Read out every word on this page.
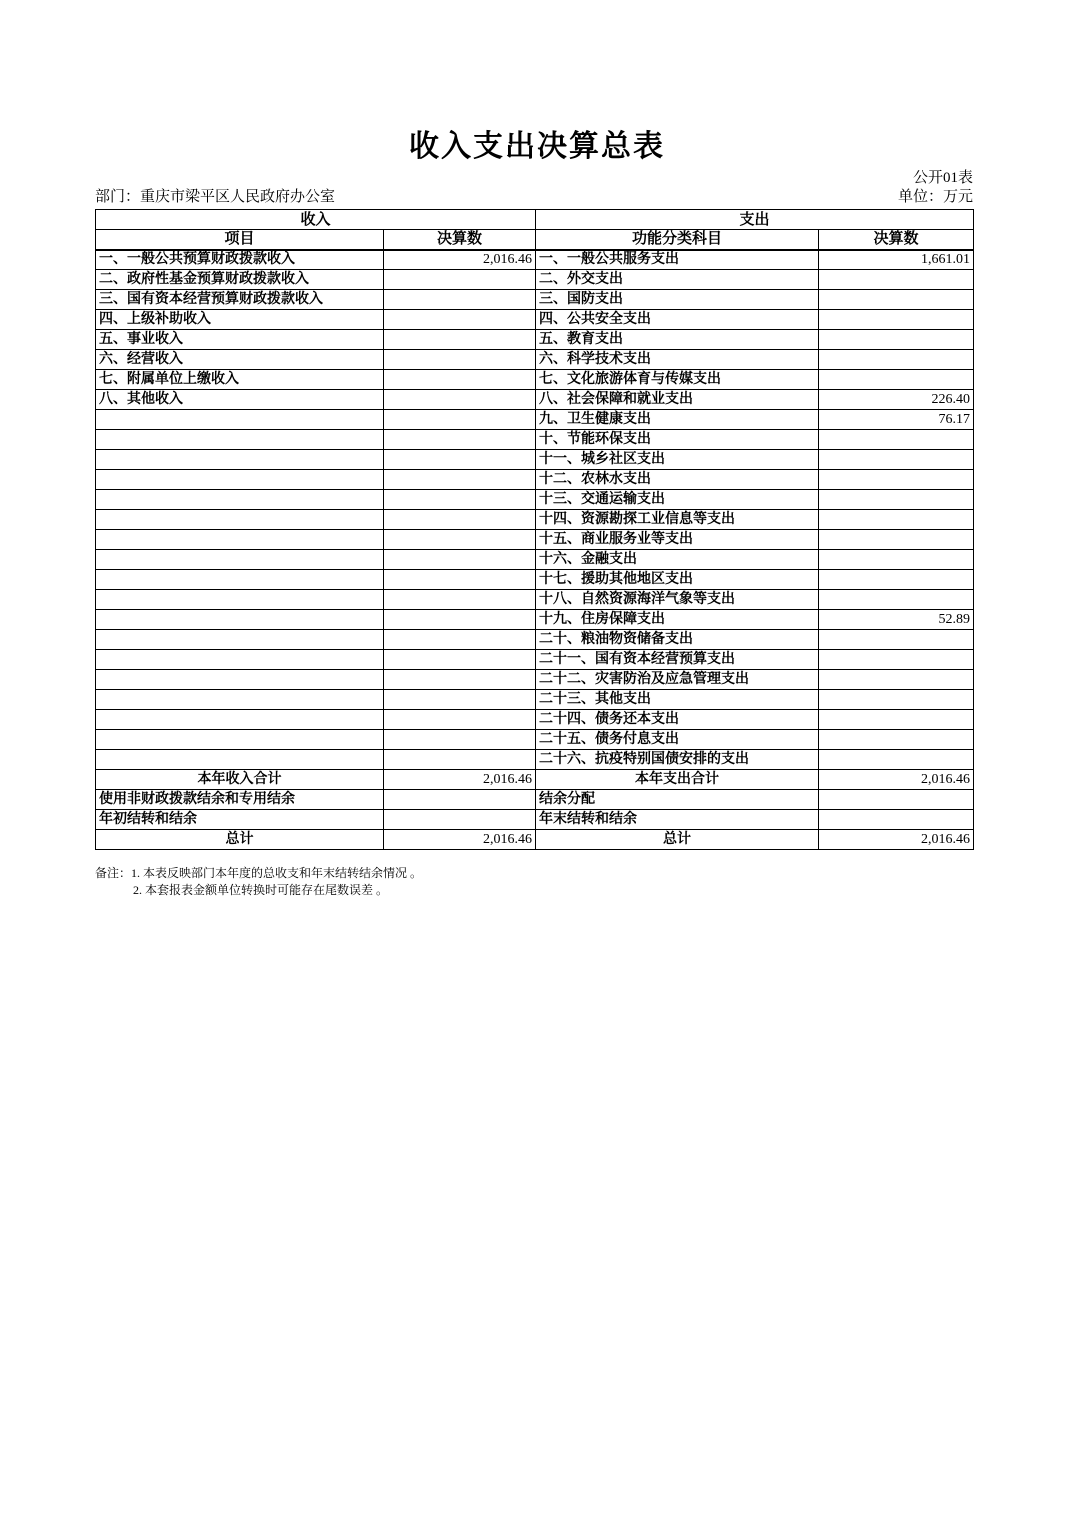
收入支出决算总表
公开01表
部门：重庆市梁平区人民政府办公室	单位：万元
收入		支出	
项目	决算数	功能分类科目	决算数
一、一般公共预算财政拨款收入	2,016.46	一、一般公共服务支出	1,661.01
二、政府性基金预算财政拨款收入		二、外交支出	
三、国有资本经营预算财政拨款收入		三、国防支出	
四、上级补助收入		四、公共安全支出	
五、事业收入		五、教育支出	
六、经营收入		六、科学技术支出	
七、附属单位上缴收入		七、文化旅游体育与传媒支出	
八、其他收入		八、社会保障和就业支出	226.40
		九、卫生健康支出	76.17
		十、节能环保支出	
		十一、城乡社区支出	
		十二、农林水支出	
		十三、交通运输支出	
		十四、资源勘探工业信息等支出	
		十五、商业服务业等支出	
		十六、金融支出	
		十七、援助其他地区支出	
		十八、自然资源海洋气象等支出	
		十九、住房保障支出	52.89
		二十、粮油物资储备支出	
		二十一、国有资本经营预算支出	
		二十二、灾害防治及应急管理支出	
		二十三、其他支出	
		二十四、债务还本支出	
		二十五、债务付息支出	
		二十六、抗疫特别国债安排的支出	
本年收入合计	2,016.46	本年支出合计	2,016.46
使用非财政拨款结余和专用结余		结余分配	
年初结转和结余		年末结转和结余	
总计	2,016.46	总计	2,016.46
备注：1. 本表反映部门本年度的总收支和年末结转结余情况 。
2. 本套报表金额单位转换时可能存在尾数误差 。
